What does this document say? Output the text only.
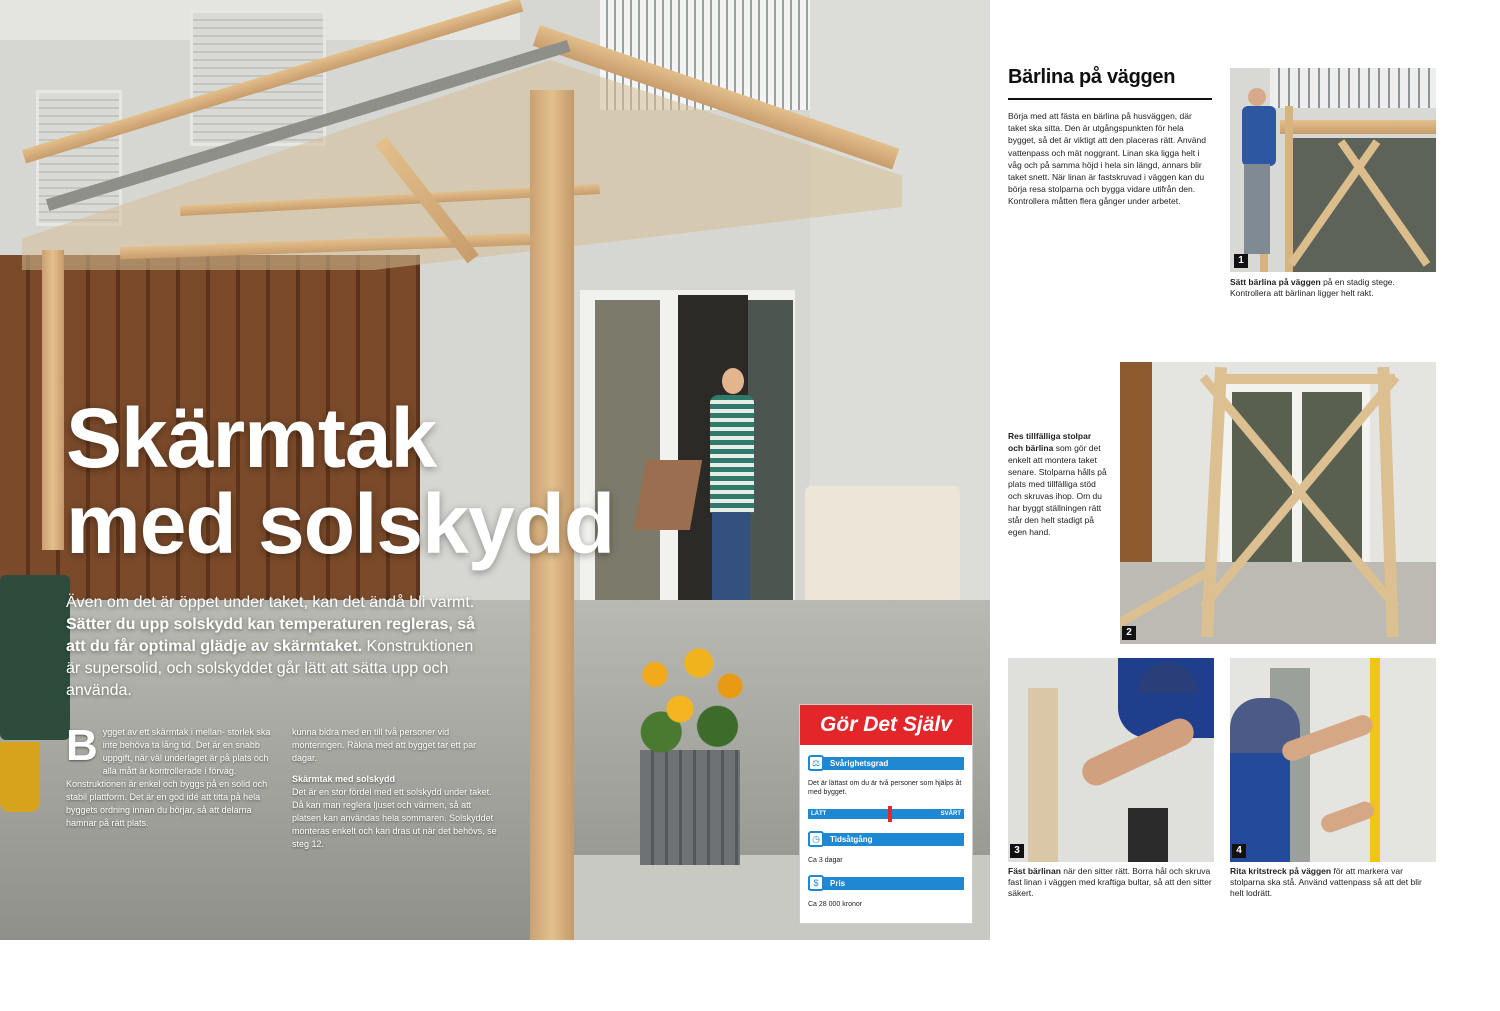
Skärmtak
med solskydd
Även om det är öppet under taket, kan det ändå bli varmt. Sätter du upp solskydd kan temperaturen regleras, så att du får optimal glädje av skärmtaket. Konstruktionen är supersolid, och solskyddet går lätt att sätta upp och använda.
B ygget av ett skärmtak i mellan- storlek ska inte behöva ta lång tid. Det är en snabb uppgift, när väl underlaget är på plats och alla mått är kontrollerade i förväg. Konstruktionen är enkel och byggs på en solid och stabil plattform. Det är en god idé att titta på hela byggets ordning innan du börjar, så att delarna hamnar på rätt plats.
kunna bidra med en till två personer vid monteringen. Räkna med att bygget tar ett par dagar.
Skärmtak med solskydd
Det är en stor fördel med ett solskydd under taket. Då kan man reglera ljuset och värmen, så att platsen kan användas hela sommaren. Solskyddet monteras enkelt och kan dras ut när det behövs, se steg 12.
Gör Det Själv
⚖	Svårighetsgrad
Det är lättast om du är två personer som hjälps åt med bygget.
LÄTT	SVÅRT
◷	Tidsåtgång
Ca 3 dagar
$	Pris
Ca 28 000 kronor
Bärlina på väggen
Börja med att fästa en bärlina på husväggen, där taket ska sitta. Den är utgångspunkten för hela bygget, så det är viktigt att den placeras rätt. Använd vattenpass och mät noggrant. Linan ska ligga helt i våg och på samma höjd i hela sin längd, annars blir taket snett. När linan är fastskruvad i väggen kan du börja resa stolparna och bygga vidare utifrån den. Kontrollera måtten flera gånger under arbetet.
1
Sätt bärlina på väggen på en stadig stege. Kontrollera att bärlinan ligger helt rakt.
Res tillfälliga stolpar och bärlina som gör det enkelt att montera taket senare. Stolparna hålls på plats med tillfälliga stöd och skruvas ihop. Om du har byggt ställningen rätt står den helt stadigt på egen hand.
2
3
Fäst bärlinan när den sitter rätt. Borra hål och skruva fast linan i väggen med kraftiga bultar, så att den sitter säkert.
4
Rita kritstreck på väggen för att markera var stolparna ska stå. Använd vattenpass så att det blir helt lodrätt.
